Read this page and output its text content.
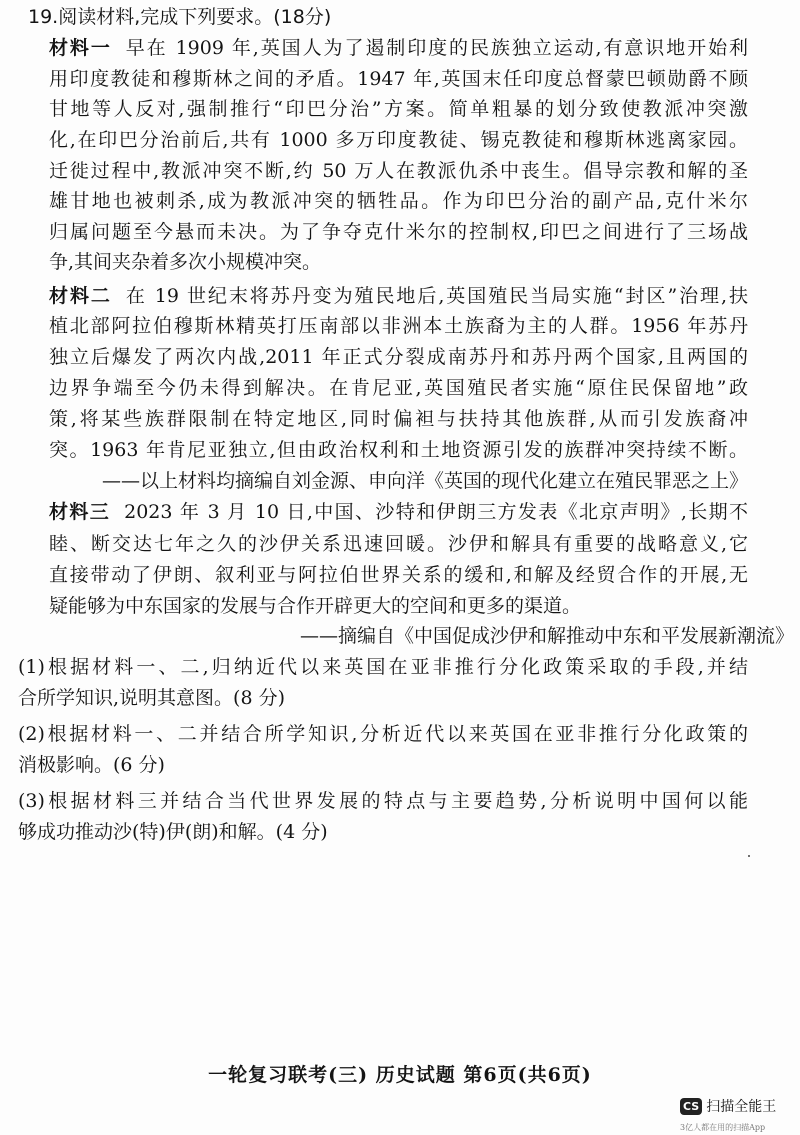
19.阅读材料,完成下列要求。(18分)
材料一 早在 1909 年,英国人为了遏制印度的民族独立运动,有意识地开始利
用印度教徒和穆斯林之间的矛盾。1947 年,英国末任印度总督蒙巴顿勋爵不顾
甘地等人反对,强制推行“印巴分治”方案。简单粗暴的划分致使教派冲突激
化,在印巴分治前后,共有 1000 多万印度教徒、锡克教徒和穆斯林逃离家园。
迁徙过程中,教派冲突不断,约 50 万人在教派仇杀中丧生。倡导宗教和解的圣
雄甘地也被刺杀,成为教派冲突的牺牲品。作为印巴分治的副产品,克什米尔
归属问题至今悬而未决。为了争夺克什米尔的控制权,印巴之间进行了三场战
争,其间夹杂着多次小规模冲突。
材料二 在 19 世纪末将苏丹变为殖民地后,英国殖民当局实施“封区”治理,扶
植北部阿拉伯穆斯林精英打压南部以非洲本土族裔为主的人群。1956 年苏丹
独立后爆发了两次内战,2011 年正式分裂成南苏丹和苏丹两个国家,且两国的
边界争端至今仍未得到解决。在肯尼亚,英国殖民者实施“原住民保留地”政
策,将某些族群限制在特定地区,同时偏袒与扶持其他族群,从而引发族裔冲
突。1963 年肯尼亚独立,但由政治权利和土地资源引发的族群冲突持续不断。
——以上材料均摘编自刘金源、申向洋《英国的现代化建立在殖民罪恶之上》
材料三 2023 年 3 月 10 日,中国、沙特和伊朗三方发表《北京声明》,长期不
睦、断交达七年之久的沙伊关系迅速回暖。沙伊和解具有重要的战略意义,它
直接带动了伊朗、叙利亚与阿拉伯世界关系的缓和,和解及经贸合作的开展,无
疑能够为中东国家的发展与合作开辟更大的空间和更多的渠道。
——摘编自《中国促成沙伊和解推动中东和平发展新潮流》
(1)根据材料一、二,归纳近代以来英国在亚非推行分化政策采取的手段,并结
合所学知识,说明其意图。(8 分)
(2)根据材料一、二并结合所学知识,分析近代以来英国在亚非推行分化政策的
消极影响。(6 分)
(3)根据材料三并结合当代世界发展的特点与主要趋势,分析说明中国何以能
够成功推动沙(特)伊(朗)和解。(4 分)
一轮复习联考(三) 历史试题 第6页(共6页)
CS 扫描全能王
3亿人都在用的扫描App
